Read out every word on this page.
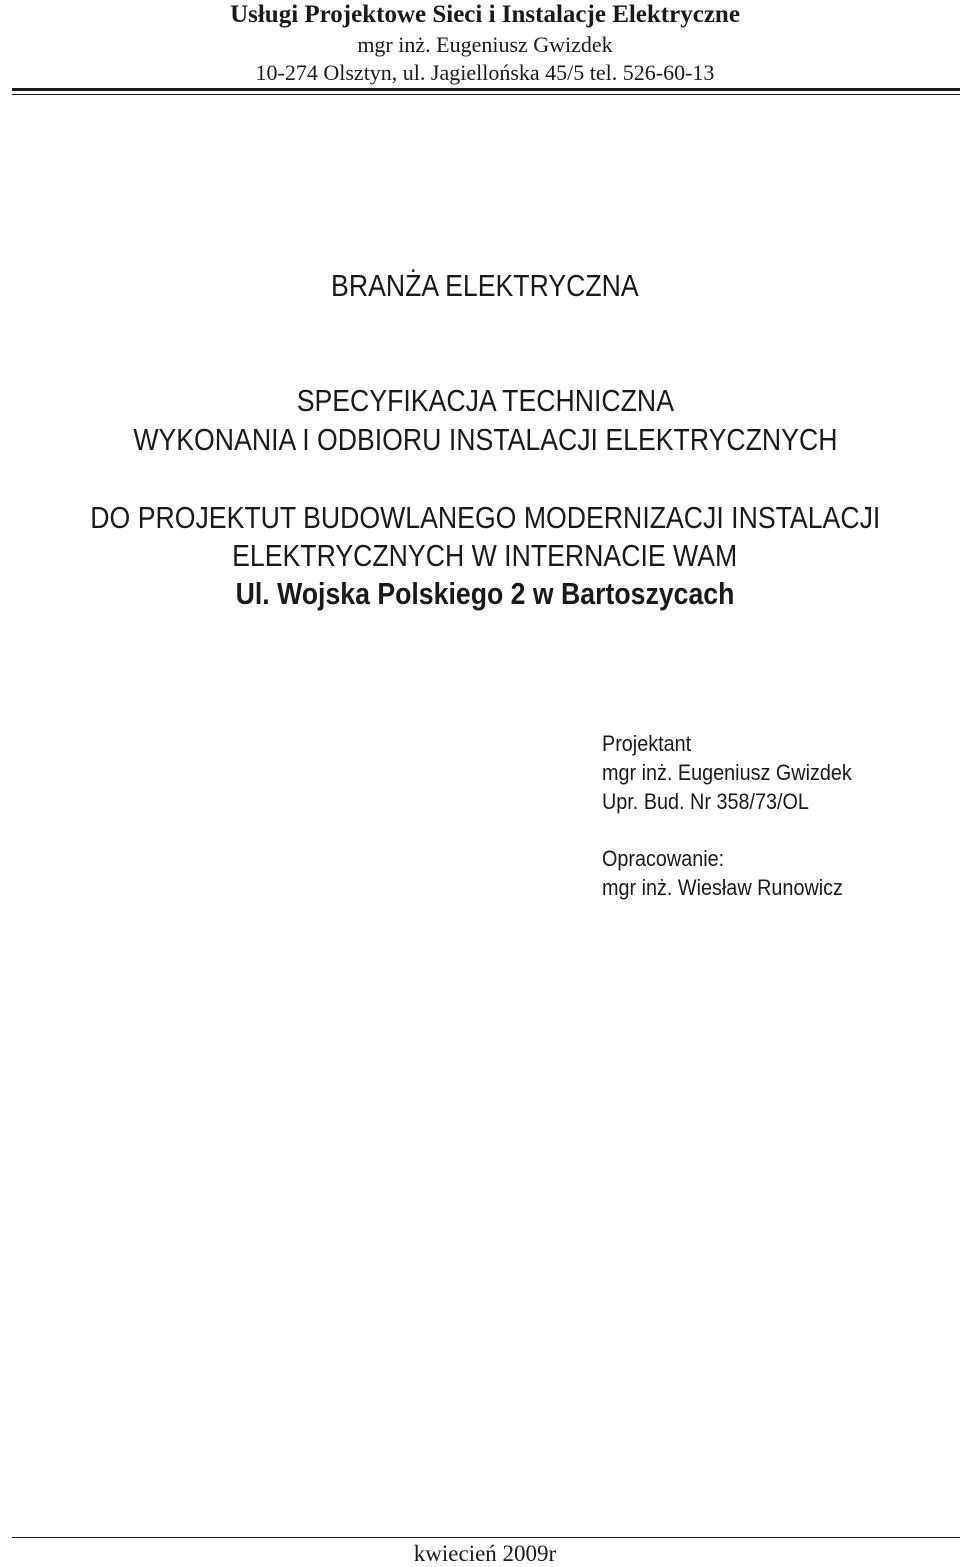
Usługi Projektowe Sieci i Instalacje Elektryczne
mgr inż. Eugeniusz Gwizdek
10-274 Olsztyn, ul. Jagiellońska 45/5 tel. 526-60-13
BRANŻA ELEKTRYCZNA
SPECYFIKACJA TECHNICZNA
WYKONANIA I ODBIORU INSTALACJI ELEKTRYCZNYCH
DO PROJEKTUT BUDOWLANEGO MODERNIZACJI INSTALACJI
ELEKTRYCZNYCH W INTERNACIE WAM
Ul. Wojska Polskiego 2 w Bartoszycach
Projektant
mgr inż. Eugeniusz Gwizdek
Upr. Bud. Nr 358/73/OL
Opracowanie:
mgr inż. Wiesław Runowicz
kwiecień 2009r
